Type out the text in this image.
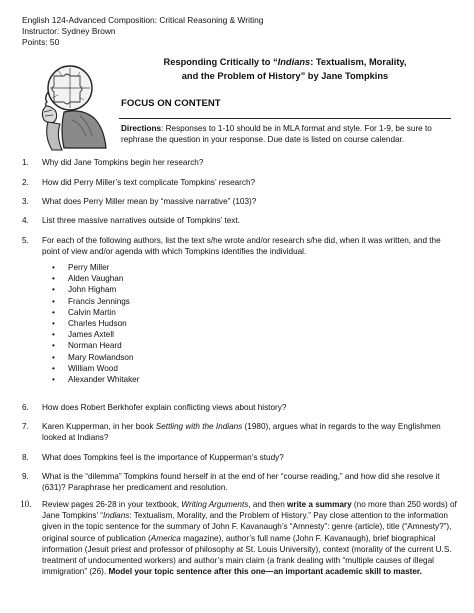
English 124-Advanced Composition: Critical Reasoning & Writing
Instructor: Sydney Brown
Points: 50
Responding Critically to “Indians: Textualism, Morality,
and the Problem of History” by Jane Tompkins
FOCUS ON CONTENT
Directions: Responses to 1-10 should be in MLA format and style. For 1-9, be sure to rephrase the question in your response. Due date is listed on course calendar.
1.	Why did Jane Tompkins begin her research?
2.	How did Perry Miller’s text complicate Tompkins’ research?
3.	What does Perry Miller mean by “massive narrative” (103)?
4.	List three massive narratives outside of Tompkins’ text.
5.	For each of the following authors, list the text s/he wrote and/or research s/he did, when it was written, and the point of view and/or agenda with which Tompkins identifies the individual.
• Perry Miller
• Alden Vaughan
• John Higham
• Francis Jennings
• Calvin Martin
• Charles Hudson
• James Axtell
• Norman Heard
• Mary Rowlandson
• William Wood
• Alexander Whitaker
6.	How does Robert Berkhofer explain conflicting views about history?
7.	Karen Kupperman, in her book Settling with the Indians (1980), argues what in regards to the way Englishmen looked at Indians?
8.	What does Tompkins feel is the importance of Kupperman’s study?
9.	What is the “dilemma” Tompkins found herself in at the end of her “course reading,” and how did she resolve it (631)? Paraphrase her predicament and resolution.
10.	Review pages 26-28 in your textbook, Writing Arguments, and then write a summary (no more than 250 words) of Jane Tompkins’ “Indians: Textualism, Morality, and the Problem of History.” Pay close attention to the information given in the topic sentence for the summary of John F. Kavanaugh’s “Amnesty”: genre (article), title (“Amnesty?”), original source of publication (America magazine), author’s full name (John F. Kavanaugh), brief biographical information (Jesuit priest and professor of philosophy at St. Louis University), context (morality of the current U.S. treatment of undocumented workers) and author’s main claim (a frank dealing with “multiple causes of illegal immigration” (26). Model your topic sentence after this one—an important academic skill to master.
